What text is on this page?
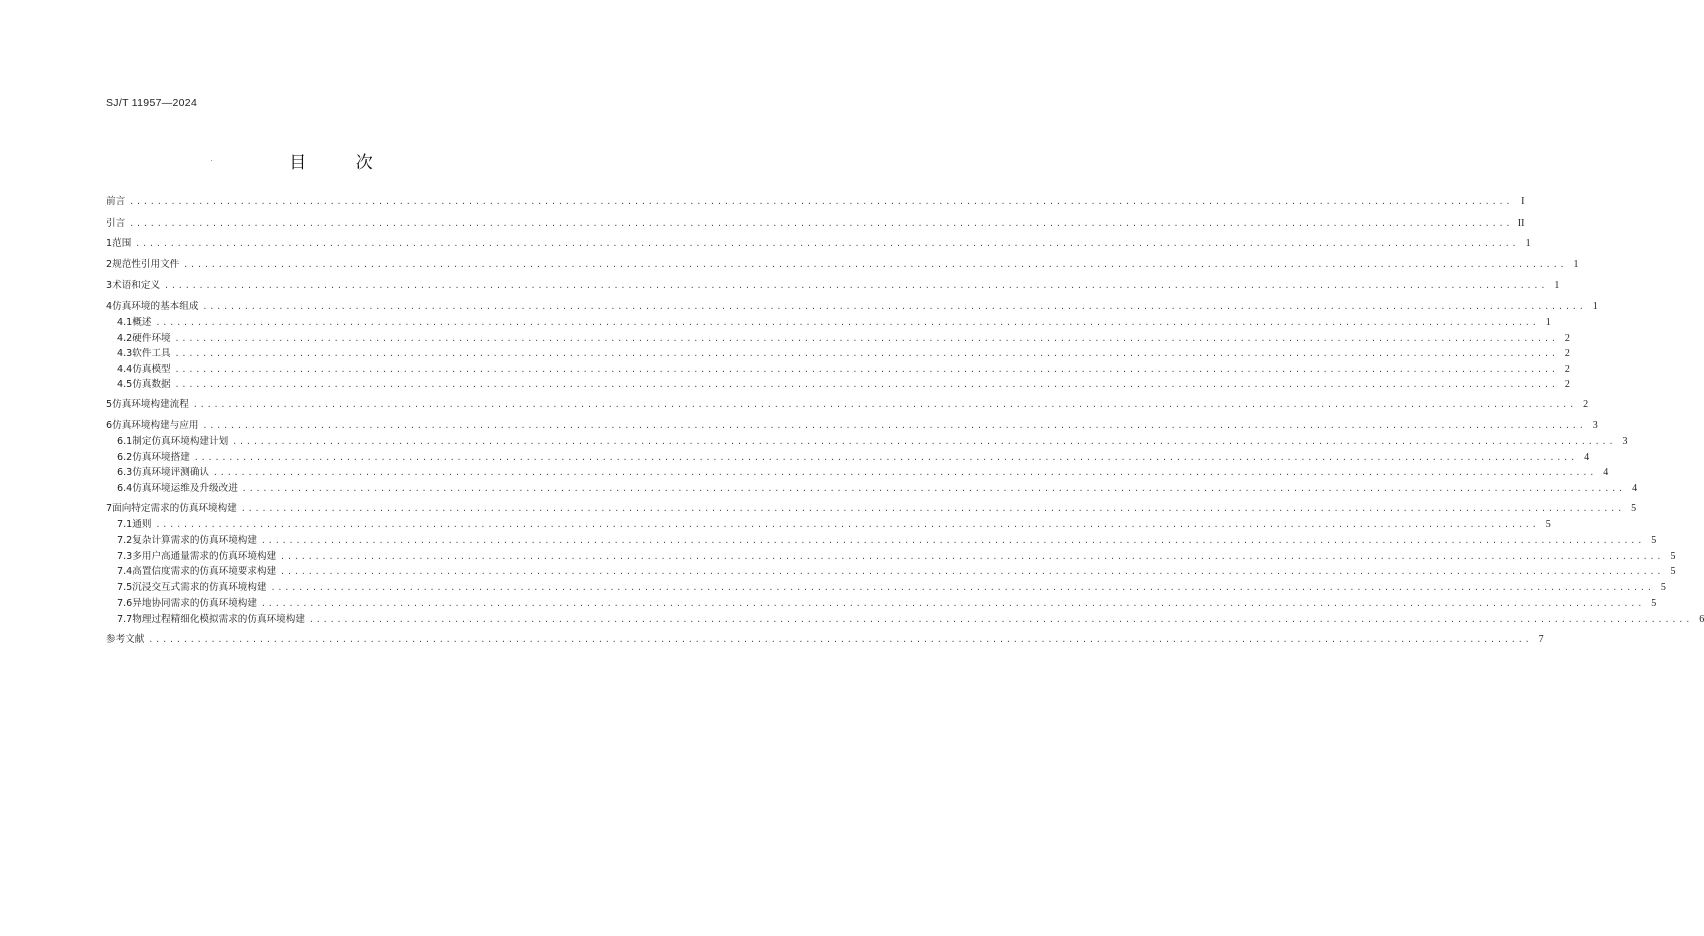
SJ/T 11957—2024
目 次
前言 ........................................................................................................................................................................................................ I
引言 ........................................................................................................................................................................................................ II
1 范围 ........................................................................................................................................................................................................ 1
2 规范性引用文件 ........................................................................................................................................................................................................ 1
3 术语和定义 ........................................................................................................................................................................................................ 1
4 仿真环境的基本组成 ........................................................................................................................................................................................................ 1
4.1 概述 ........................................................................................................................................................................................................ 1
4.2 硬件环境 ........................................................................................................................................................................................................ 2
4.3 软件工具 ........................................................................................................................................................................................................ 2
4.4 仿真模型 ........................................................................................................................................................................................................ 2
4.5 仿真数据 ........................................................................................................................................................................................................ 2
5 仿真环境构建流程 ........................................................................................................................................................................................................ 2
6 仿真环境构建与应用 ........................................................................................................................................................................................................ 3
6.1 制定仿真环境构建计划 ........................................................................................................................................................................................................ 3
6.2 仿真环境搭建 ........................................................................................................................................................................................................ 4
6.3 仿真环境评测确认 ........................................................................................................................................................................................................ 4
6.4 仿真环境运维及升级改进 ........................................................................................................................................................................................................ 4
7 面向特定需求的仿真环境构建 ........................................................................................................................................................................................................ 5
7.1 通则 ........................................................................................................................................................................................................ 5
7.2 复杂计算需求的仿真环境构建 ........................................................................................................................................................................................................ 5
7.3 多用户高通量需求的仿真环境构建 ........................................................................................................................................................................................................ 5
7.4 高置信度需求的仿真环境要求构建 ........................................................................................................................................................................................................ 5
7.5 沉浸交互式需求的仿真环境构建 ........................................................................................................................................................................................................ 5
7.6 异地协同需求的仿真环境构建 ........................................................................................................................................................................................................ 5
7.7 物理过程精细化模拟需求的仿真环境构建 ........................................................................................................................................................................................................ 6
参考文献 ........................................................................................................................................................................................................ 7
